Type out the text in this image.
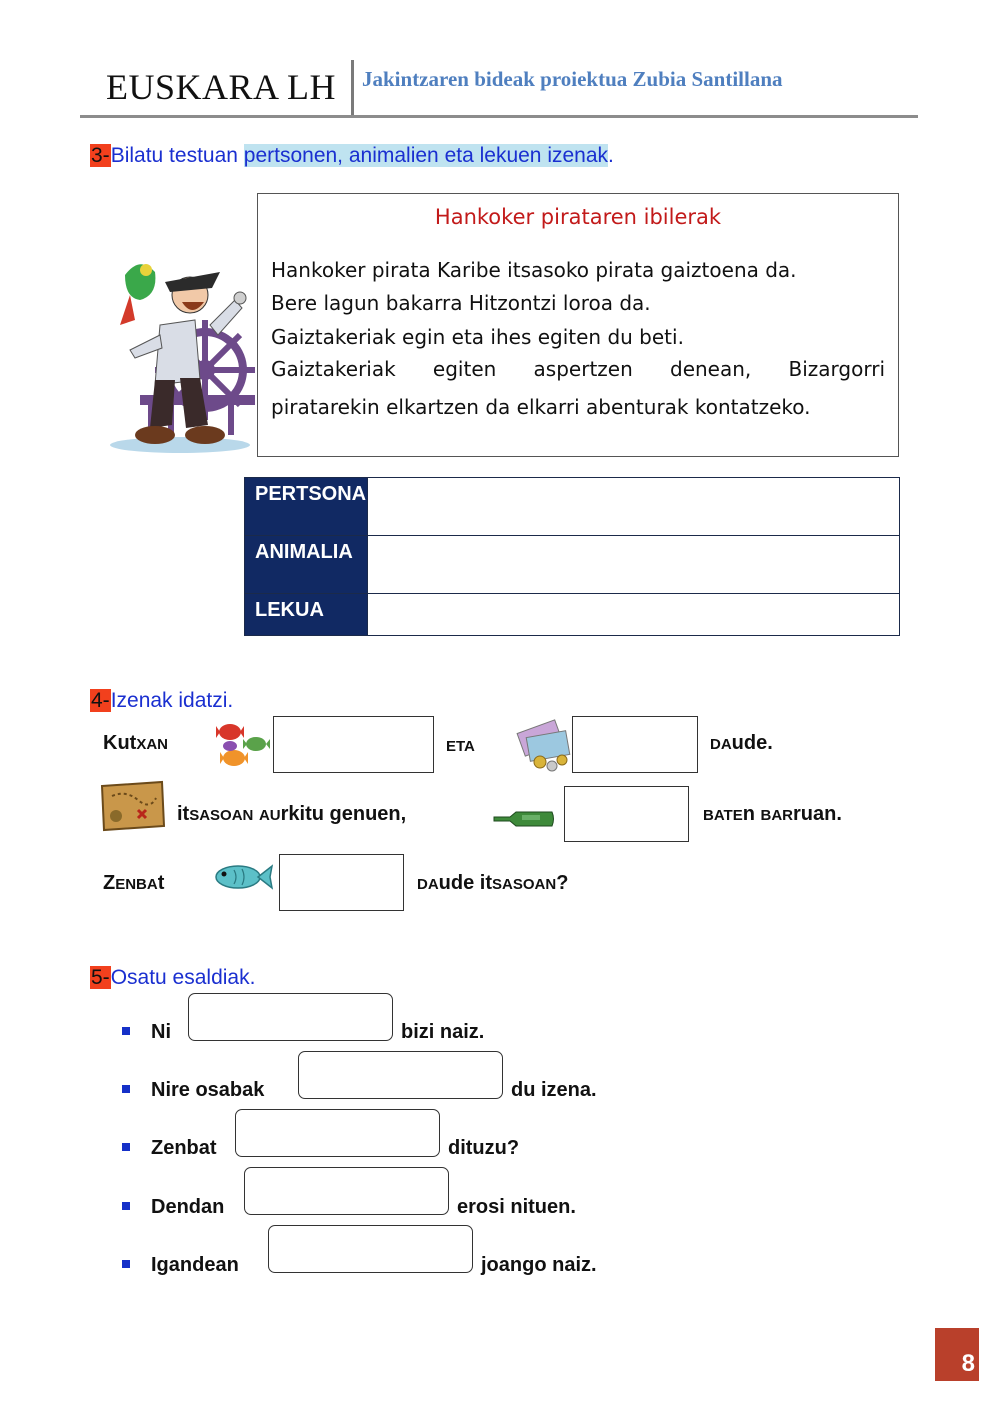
EUSKARA LH Jakintzaren bideak proiektua Zubia Santillana
3-Bilatu testuan pertsonen, animalien eta lekuen izenak.
Hankoker pirataren ibilerak
Hankoker pirata Karibe itsasoko pirata gaiztoena da.
Bere lagun bakarra Hitzontzi loroa da.
Gaiztakeriak egin eta ihes egiten du beti.
Gaiztakeriak egiten aspertzen denean, Bizargorri
piratarekin elkartzen da elkarri abenturak kontatzeko.
PERTSONA	
ANIMALIA	
LEKUA	
4-Izenak idatzi.
KutXAN	ETA	DAude.
itSASOAN AUrkitu genuen,	BATEn BARruan.
ZENBAt	DAude itSASOAN?
5-Osatu esaldiak.
Ni	bizi naiz.
Nire osabak	du izena.
Zenbat	dituzu?
Dendan	erosi nituen.
Igandean	joango naiz.
8
